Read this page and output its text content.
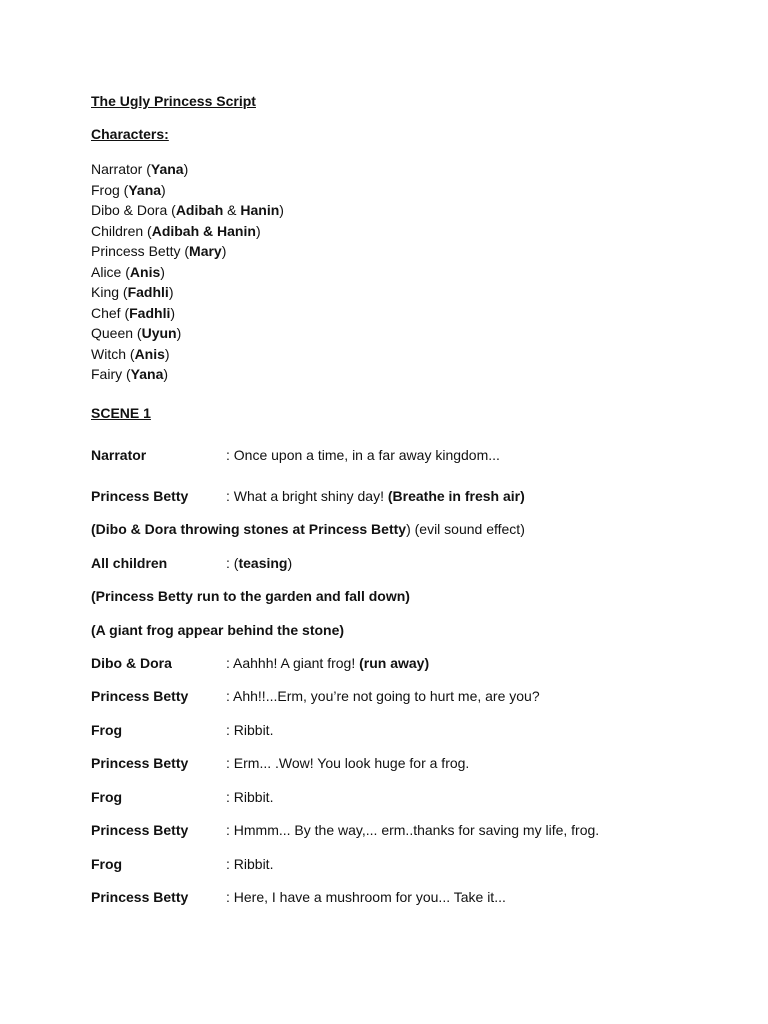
The Ugly Princess Script
Characters:
Narrator (Yana)
Frog (Yana)
Dibo & Dora (Adibah & Hanin)
Children (Adibah & Hanin)
Princess Betty (Mary)
Alice (Anis)
King (Fadhli)
Chef (Fadhli)
Queen (Uyun)
Witch (Anis)
Fairy (Yana)
SCENE 1
Narrator	: Once upon a time, in a far away kingdom...
Princess Betty	: What a bright shiny day! (Breathe in fresh air)
(Dibo & Dora throwing stones at Princess Betty) (evil sound effect)
All children	: (teasing)
(Princess Betty run to the garden and fall down)
(A giant frog appear behind the stone)
Dibo & Dora	: Aahhh! A giant frog! (run away)
Princess Betty	: Ahh!!...Erm, you’re not going to hurt me, are you?
Frog	: Ribbit.
Princess Betty	: Erm... .Wow! You look huge for a frog.
Frog	: Ribbit.
Princess Betty	: Hmmm... By the way,... erm..thanks for saving my life, frog.
Frog	: Ribbit.
Princess Betty	: Here, I have a mushroom for you... Take it...
